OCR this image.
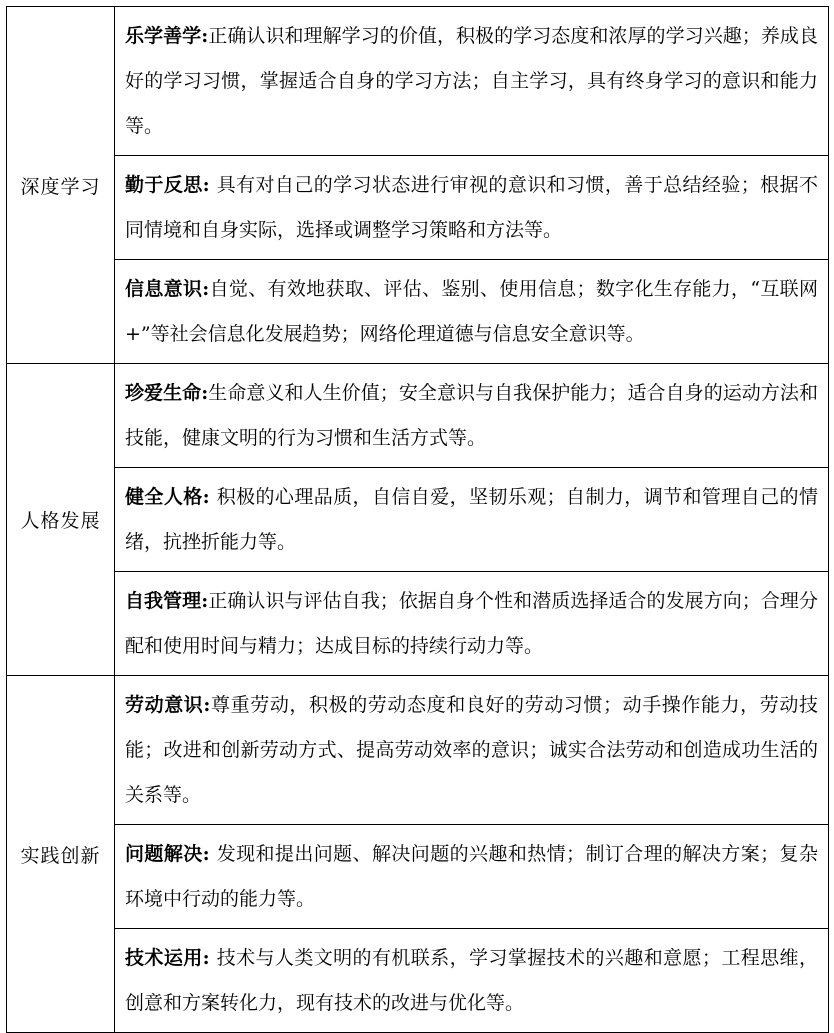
深度学习	乐学善学:正确认识和理解学习的价值，积极的学习态度和浓厚的学习兴趣；养成良好的学习习惯，掌握适合自身的学习方法；自主学习，具有终身学习的意识和能力等。
	勤于反思: 具有对自己的学习状态进行审视的意识和习惯，善于总结经验；根据不同情境和自身实际，选择或调整学习策略和方法等。
	信息意识:自觉、有效地获取、评估、鉴别、使用信息；数字化生存能力，“互联网+”等社会信息化发展趋势；网络伦理道德与信息安全意识等。
人格发展	珍爱生命:生命意义和人生价值；安全意识与自我保护能力；适合自身的运动方法和技能，健康文明的行为习惯和生活方式等。
	健全人格: 积极的心理品质，自信自爱，坚韧乐观；自制力，调节和管理自己的情绪，抗挫折能力等。
	自我管理:正确认识与评估自我；依据自身个性和潜质选择适合的发展方向；合理分配和使用时间与精力；达成目标的持续行动力等。
实践创新	劳动意识:尊重劳动，积极的劳动态度和良好的劳动习惯；动手操作能力，劳动技能；改进和创新劳动方式、提高劳动效率的意识；诚实合法劳动和创造成功生活的关系等。
	问题解决: 发现和提出问题、解决问题的兴趣和热情；制订合理的解决方案；复杂环境中行动的能力等。
	技术运用: 技术与人类文明的有机联系，学习掌握技术的兴趣和意愿；工程思维，创意和方案转化力，现有技术的改进与优化等。
